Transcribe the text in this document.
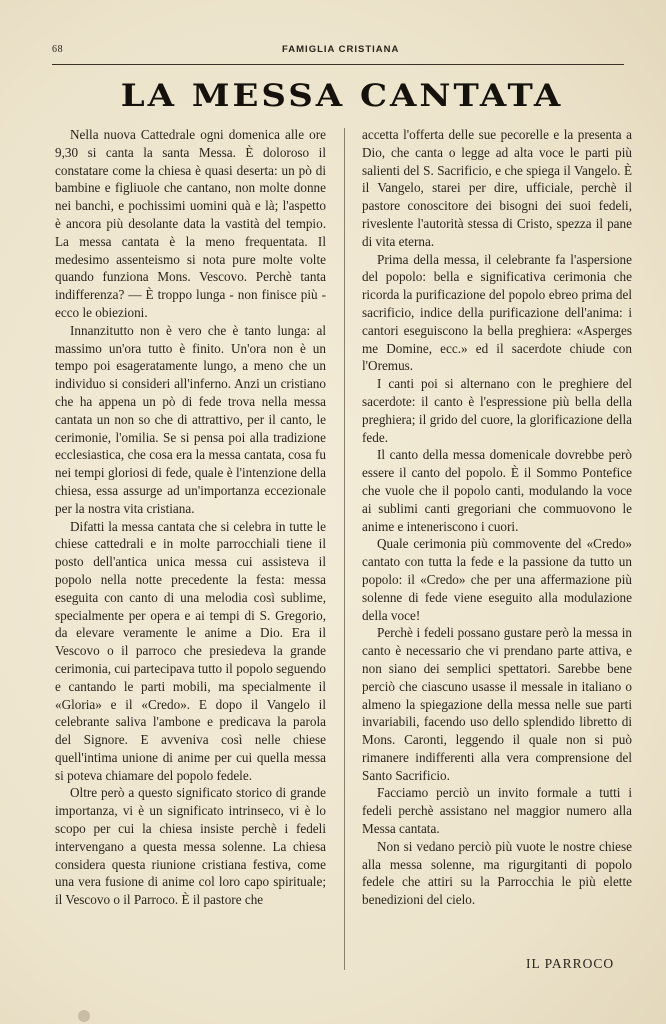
68	FAMIGLIA CRISTIANA
LA MESSA CANTATA

Nella nuova Cattedrale ogni domenica alle ore 9,30 si canta la santa Messa. È doloroso il constatare come la chiesa è quasi deserta: un pò di bambine e figliuole che cantano, non molte donne nei banchi, e pochissimi uomini quà e là; l'aspetto è ancora più desolante data la vastità del tempio. La messa cantata è la meno frequentata. Il medesimo assenteismo si nota pure molte volte quando funziona Mons. Vescovo. Perchè tanta indifferenza? — È troppo lunga - non finisce più - ecco le obiezioni.

Innanzitutto non è vero che è tanto lunga: al massimo un'ora tutto è finito. Un'ora non è un tempo poi esageratamente lungo, a meno che un individuo si consideri all'inferno. Anzi un cristiano che ha appena un pò di fede trova nella messa cantata un non so che di attrattivo, per il canto, le cerimonie, l'omilia. Se si pensa poi alla tradizione ecclesiastica, che cosa era la messa cantata, cosa fu nei tempi gloriosi di fede, quale è l'intenzione della chiesa, essa assurge ad un'importanza eccezionale per la nostra vita cristiana.

Difatti la messa cantata che si celebra in tutte le chiese cattedrali e in molte parrocchiali tiene il posto dell'antica unica messa cui assisteva il popolo nella notte precedente la festa: messa eseguita con canto di una melodia così sublime, specialmente per opera e ai tempi di S. Gregorio, da elevare veramente le anime a Dio. Era il Vescovo o il parroco che presiedeva la grande cerimonia, cui partecipava tutto il popolo seguendo e cantando le parti mobili, ma specialmente il «Gloria» e il «Credo». E dopo il Vangelo il celebrante saliva l'ambone e predicava la parola del Signore. E avveniva così nelle chiese quell'intima unione di anime per cui quella messa si poteva chiamare del popolo fedele.

Oltre però a questo significato storico di grande importanza, vi è un significato intrinseco, vi è lo scopo per cui la chiesa insiste perchè i fedeli intervengano a questa messa solenne. La chiesa considera questa riunione cristiana festiva, come una vera fusione di anime col loro capo spirituale; il Vescovo o il Parroco. È il pastore che

accetta l'offerta delle sue pecorelle e la presenta a Dio, che canta o legge ad alta voce le parti più salienti del S. Sacrificio, e che spiega il Vangelo. È il Vangelo, starei per dire, ufficiale, perchè il pastore conoscitore dei bisogni dei suoi fedeli, riveslente l'autorità stessa di Cristo, spezza il pane di vita eterna.

Prima della messa, il celebrante fa l'aspersione del popolo: bella e significativa cerimonia che ricorda la purificazione del popolo ebreo prima del sacrificio, indice della purificazione dell'anima: i cantori eseguiscono la bella preghiera: «Asperges me Domine, ecc.» ed il sacerdote chiude con l'Oremus.

I canti poi si alternano con le preghiere del sacerdote: il canto è l'espressione più bella della preghiera; il grido del cuore, la glorificazione della fede.

Il canto della messa domenicale dovrebbe però essere il canto del popolo. È il Sommo Pontefice che vuole che il popolo canti, modulando la voce ai sublimi canti gregoriani che commuovono le anime e inteneriscono i cuori.

Quale cerimonia più commovente del «Credo» cantato con tutta la fede e la passione da tutto un popolo: il «Credo» che per una affermazione più solenne di fede viene eseguito alla modulazione della voce!

Perchè i fedeli possano gustare però la messa in canto è necessario che vi prendano parte attiva, e non siano dei semplici spettatori. Sarebbe bene perciò che ciascuno usasse il messale in italiano o almeno la spiegazione della messa nelle sue parti invariabili, facendo uso dello splendido libretto di Mons. Caronti, leggendo il quale non si può rimanere indifferenti alla vera comprensione del Santo Sacrificio.

Facciamo perciò un invito formale a tutti i fedeli perchè assistano nel maggior numero alla Messa cantata.

Non si vedano perciò più vuote le nostre chiese alla messa solenne, ma rigurgitanti di popolo fedele che attiri su la Parrocchia le più elette benedizioni del cielo.

IL PARROCO
